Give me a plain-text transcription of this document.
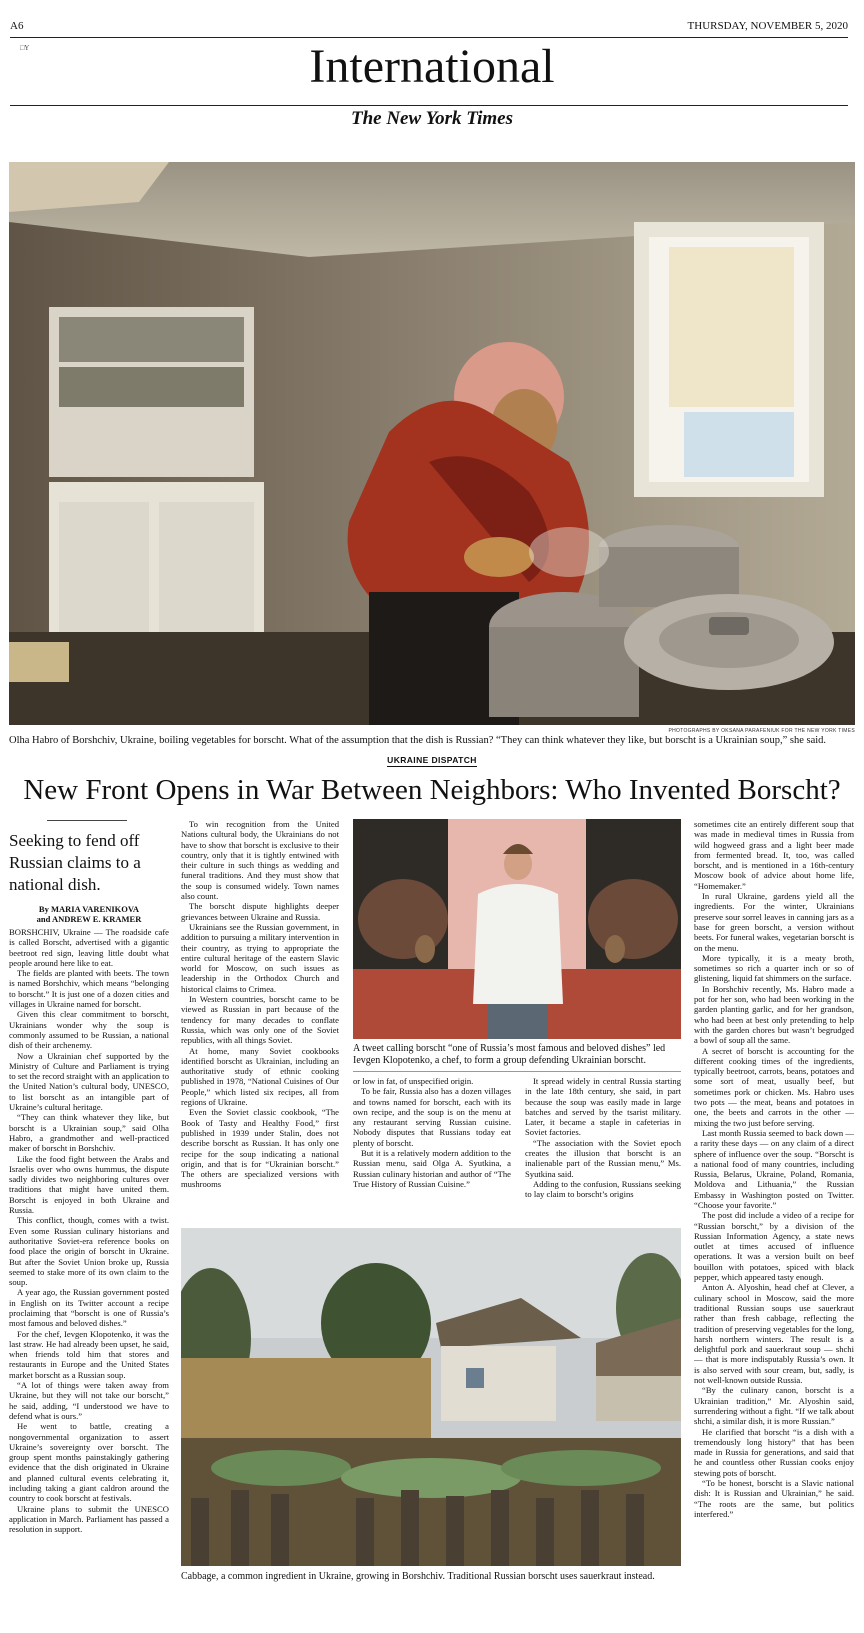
A6	THURSDAY, NOVEMBER 5, 2020
□Y	International
The New York Times
PHOTOGRAPHS BY OKSANA PARAFENIUK FOR THE NEW YORK TIMES
Olha Habro of Borshchiv, Ukraine, boiling vegetables for borscht. What of the assumption that the dish is Russian? “They can think whatever they like, but borscht is a Ukrainian soup,” she said.
UKRAINE DISPATCH
New Front Opens in War Between Neighbors: Who Invented Borscht?
Seeking to fend off Russian claims to a national dish.
By MARIA VARENIKOVA
and ANDREW E. KRAMER

BORSHCHIV, Ukraine — The roadside cafe is called Borscht, advertised with a gigantic beetroot red sign, leaving little doubt what people around here like to eat.

The fields are planted with beets. The town is named Borshchiv, which means “belonging to borscht.” It is just one of a dozen cities and villages in Ukraine named for borscht.

Given this clear commitment to borscht, Ukrainians wonder why the soup is commonly assumed to be Russian, a national dish of their archenemy.

Now a Ukrainian chef supported by the Ministry of Culture and Parliament is trying to set the record straight with an application to the United Nation’s cultural body, UNESCO, to list borscht as an intangible part of Ukraine’s cultural heritage.

“They can think whatever they like, but borscht is a Ukrainian soup,” said Olha Habro, a grandmother and well-practiced maker of borscht in Borshchiv.

Like the food fight between the Arabs and Israelis over who owns hummus, the dispute sadly divides two neighboring cultures over traditions that might have united them. Borscht is enjoyed in both Ukraine and Russia.

This conflict, though, comes with a twist. Even some Russian culinary historians and authoritative Soviet-era reference books on food place the origin of borscht in Ukraine. But after the Soviet Union broke up, Russia seemed to stake more of its own claim to the soup.

A year ago, the Russian government posted in English on its Twitter account a recipe proclaiming that “borscht is one of Russia’s most famous and beloved dishes.”

For the chef, Ievgen Klopotenko, it was the last straw. He had already been upset, he said, when friends told him that stores and restaurants in Europe and the United States market borscht as a Russian soup.

“A lot of things were taken away from Ukraine, but they will not take our borscht,” he said, adding, “I understood we have to defend what is ours.”

He went to battle, creating a nongovernmental organization to assert Ukraine’s sovereignty over borscht. The group spent months painstakingly gathering evidence that the dish originated in Ukraine and planned cultural events celebrating it, including taking a giant caldron around the country to cook borscht at festivals.

Ukraine plans to submit the UNESCO application in March. Parliament has passed a resolution in support.

To win recognition from the United Nations cultural body, the Ukrainians do not have to show that borscht is exclusive to their country, only that it is tightly entwined with their culture in such things as wedding and funeral traditions. And they must show that the soup is consumed widely. Town names also count.

The borscht dispute highlights deeper grievances between Ukraine and Russia.

Ukrainians see the Russian government, in addition to pursuing a military intervention in their country, as trying to appropriate the entire cultural heritage of the eastern Slavic world for Moscow, on such issues as leadership in the Orthodox Church and historical claims to Crimea.

In Western countries, borscht came to be viewed as Russian in part because of the tendency for many decades to conflate Russia, which was only one of the Soviet republics, with all things Soviet.

At home, many Soviet cookbooks identified borscht as Ukrainian, including an authoritative study of ethnic cooking published in 1978, “National Cuisines of Our People,” which listed six recipes, all from regions of Ukraine.

Even the Soviet classic cookbook, “The Book of Tasty and Healthy Food,” first published in 1939 under Stalin, does not describe borscht as Russian. It has only one recipe for the soup indicating a national origin, and that is for “Ukrainian borscht.” The others are specialized versions with mushrooms

A tweet calling borscht “one of Russia’s most famous and beloved dishes” led Ievgen Klopotenko, a chef, to form a group defending Ukrainian borscht.

or low in fat, of unspecified origin.

To be fair, Russia also has a dozen villages and towns named for borscht, each with its own recipe, and the soup is on the menu at any restaurant serving Russian cuisine. Nobody disputes that Russians today eat plenty of borscht.

But it is a relatively modern addition to the Russian menu, said Olga A. Syutkina, a Russian culinary historian and author of “The True History of Russian Cuisine.”

It spread widely in central Russia starting in the late 18th century, she said, in part because the soup was easily made in large batches and served by the tsarist military. Later, it became a staple in cafeterias in Soviet factories.

“The association with the Soviet epoch creates the illusion that borscht is an inalienable part of the Russian menu,” Ms. Syutkina said.

Adding to the confusion, Russians seeking to lay claim to borscht’s origins

Cabbage, a common ingredient in Ukraine, growing in Borshchiv. Traditional Russian borscht uses sauerkraut instead.

sometimes cite an entirely different soup that was made in medieval times in Russia from wild hogweed grass and a light beer made from fermented bread. It, too, was called borscht, and is mentioned in a 16th-century Moscow book of advice about home life, “Homemaker.”

In rural Ukraine, gardens yield all the ingredients. For the winter, Ukrainians preserve sour sorrel leaves in canning jars as a base for green borscht, a version without beets. For funeral wakes, vegetarian borscht is on the menu.

More typically, it is a meaty broth, sometimes so rich a quarter inch or so of glistening, liquid fat shimmers on the surface.

In Borshchiv recently, Ms. Habro made a pot for her son, who had been working in the garden planting garlic, and for her grandson, who had been at best only pretending to help with the garden chores but wasn’t begrudged a bowl of soup all the same.

A secret of borscht is accounting for the different cooking times of the ingredients, typically beetroot, carrots, beans, potatoes and some sort of meat, usually beef, but sometimes pork or chicken. Ms. Habro uses two pots — the meat, beans and potatoes in one, the beets and carrots in the other — mixing the two just before serving.

Last month Russia seemed to back down — a rarity these days — on any claim of a direct sphere of influence over the soup. “Borscht is a national food of many countries, including Russia, Belarus, Ukraine, Poland, Romania, Moldova and Lithuania,” the Russian Embassy in Washington posted on Twitter. “Choose your favorite.”

The post did include a video of a recipe for “Russian borscht,” by a division of the Russian Information Agency, a state news outlet at times accused of influence operations. It was a version built on beef bouillon with potatoes, spiced with black pepper, which appeared tasty enough.

Anton A. Alyoshin, head chef at Clever, a culinary school in Moscow, said the more traditional Russian soups use sauerkraut rather than fresh cabbage, reflecting the tradition of preserving vegetables for the long, harsh northern winters. The result is a delightful pork and sauerkraut soup — shchi — that is more indisputably Russia’s own. It is also served with sour cream, but, sadly, is not well-known outside Russia.

“By the culinary canon, borscht is a Ukrainian tradition,” Mr. Alyoshin said, surrendering without a fight. “If we talk about shchi, a similar dish, it is more Russian.”

He clarified that borscht “is a dish with a tremendously long history” that has been made in Russia for generations, and said that he and countless other Russian cooks enjoy stewing pots of borscht.

“To be honest, borscht is a Slavic national dish: It is Russian and Ukrainian,” he said. “The roots are the same, but politics interfered.”
